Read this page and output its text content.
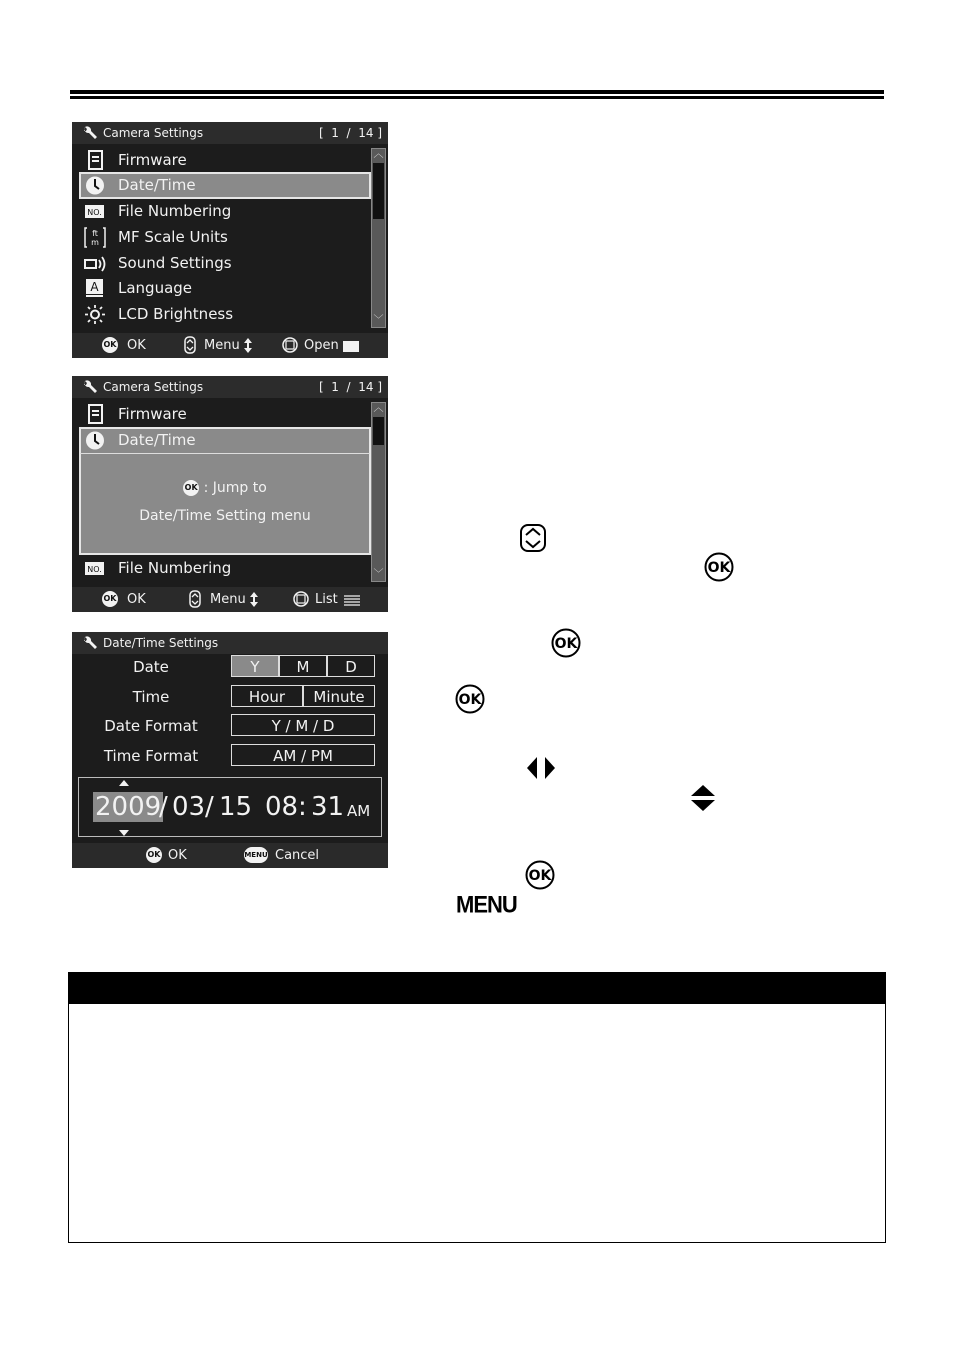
Camera Settings	[  1  /  14 ]
Firmware
Date/Time
NO. File Numbering
ft
m MF Scale Units
Sound Settings
A Language
LCD Brightness
︿
﹀
OK OK	Menu	Open
Camera Settings	[  1  /  14 ]
Firmware
Date/Time
OK : Jump to
Date/Time Setting menu
NO. File Numbering
︿
﹀
OK OK	Menu	List
Date/Time Settings
Date	Y	M	D
Time	Hour	Minute
Date Format	Y / M / D
Time Format	AM / PM
2009
/ 03 / 15 08 : 31 AM
OK OK	MENU Cancel
OK
OK
OK
OK
MENU
